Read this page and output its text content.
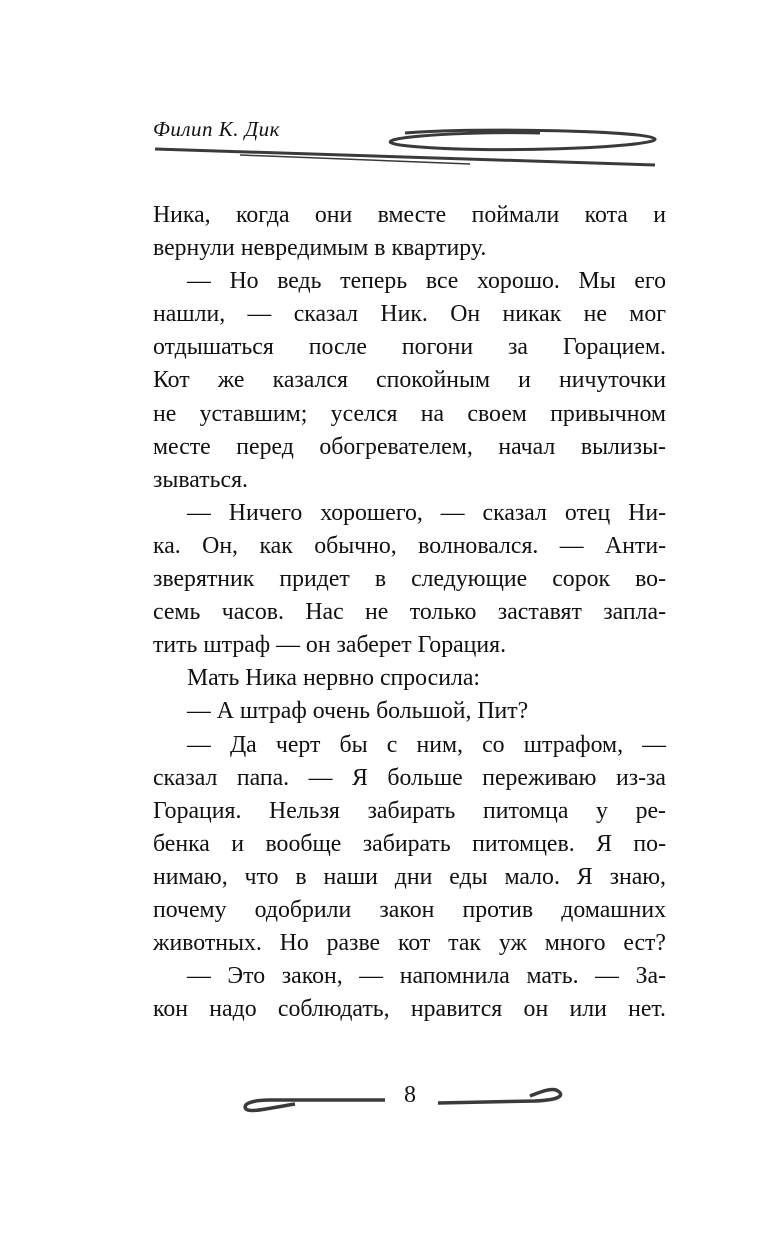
Филип К. Дик
Ника, когда они вместе поймали кота и
вернули невредимым в квартиру.
— Но ведь теперь все хорошо. Мы его
нашли, — сказал Ник. Он никак не мог
отдышаться после погони за Горацием.
Кот же казался спокойным и ничуточки
не уставшим; уселся на своем привычном
месте перед обогревателем, начал вылизы-
зываться.
— Ничего хорошего, — сказал отец Ни-
ка. Он, как обычно, волновался. — Анти-
зверятник придет в следующие сорок во-
семь часов. Нас не только заставят запла-
тить штраф — он заберет Горация.
Мать Ника нервно спросила:
— А штраф очень большой, Пит?
— Да черт бы с ним, со штрафом, —
сказал папа. — Я больше переживаю из-за
Горация. Нельзя забирать питомца у ре-
бенка и вообще забирать питомцев. Я по-
нимаю, что в наши дни еды мало. Я знаю,
почему одобрили закон против домашних
животных. Но разве кот так уж много ест?
— Это закон, — напомнила мать. — За-
кон надо соблюдать, нравится он или нет.
8
